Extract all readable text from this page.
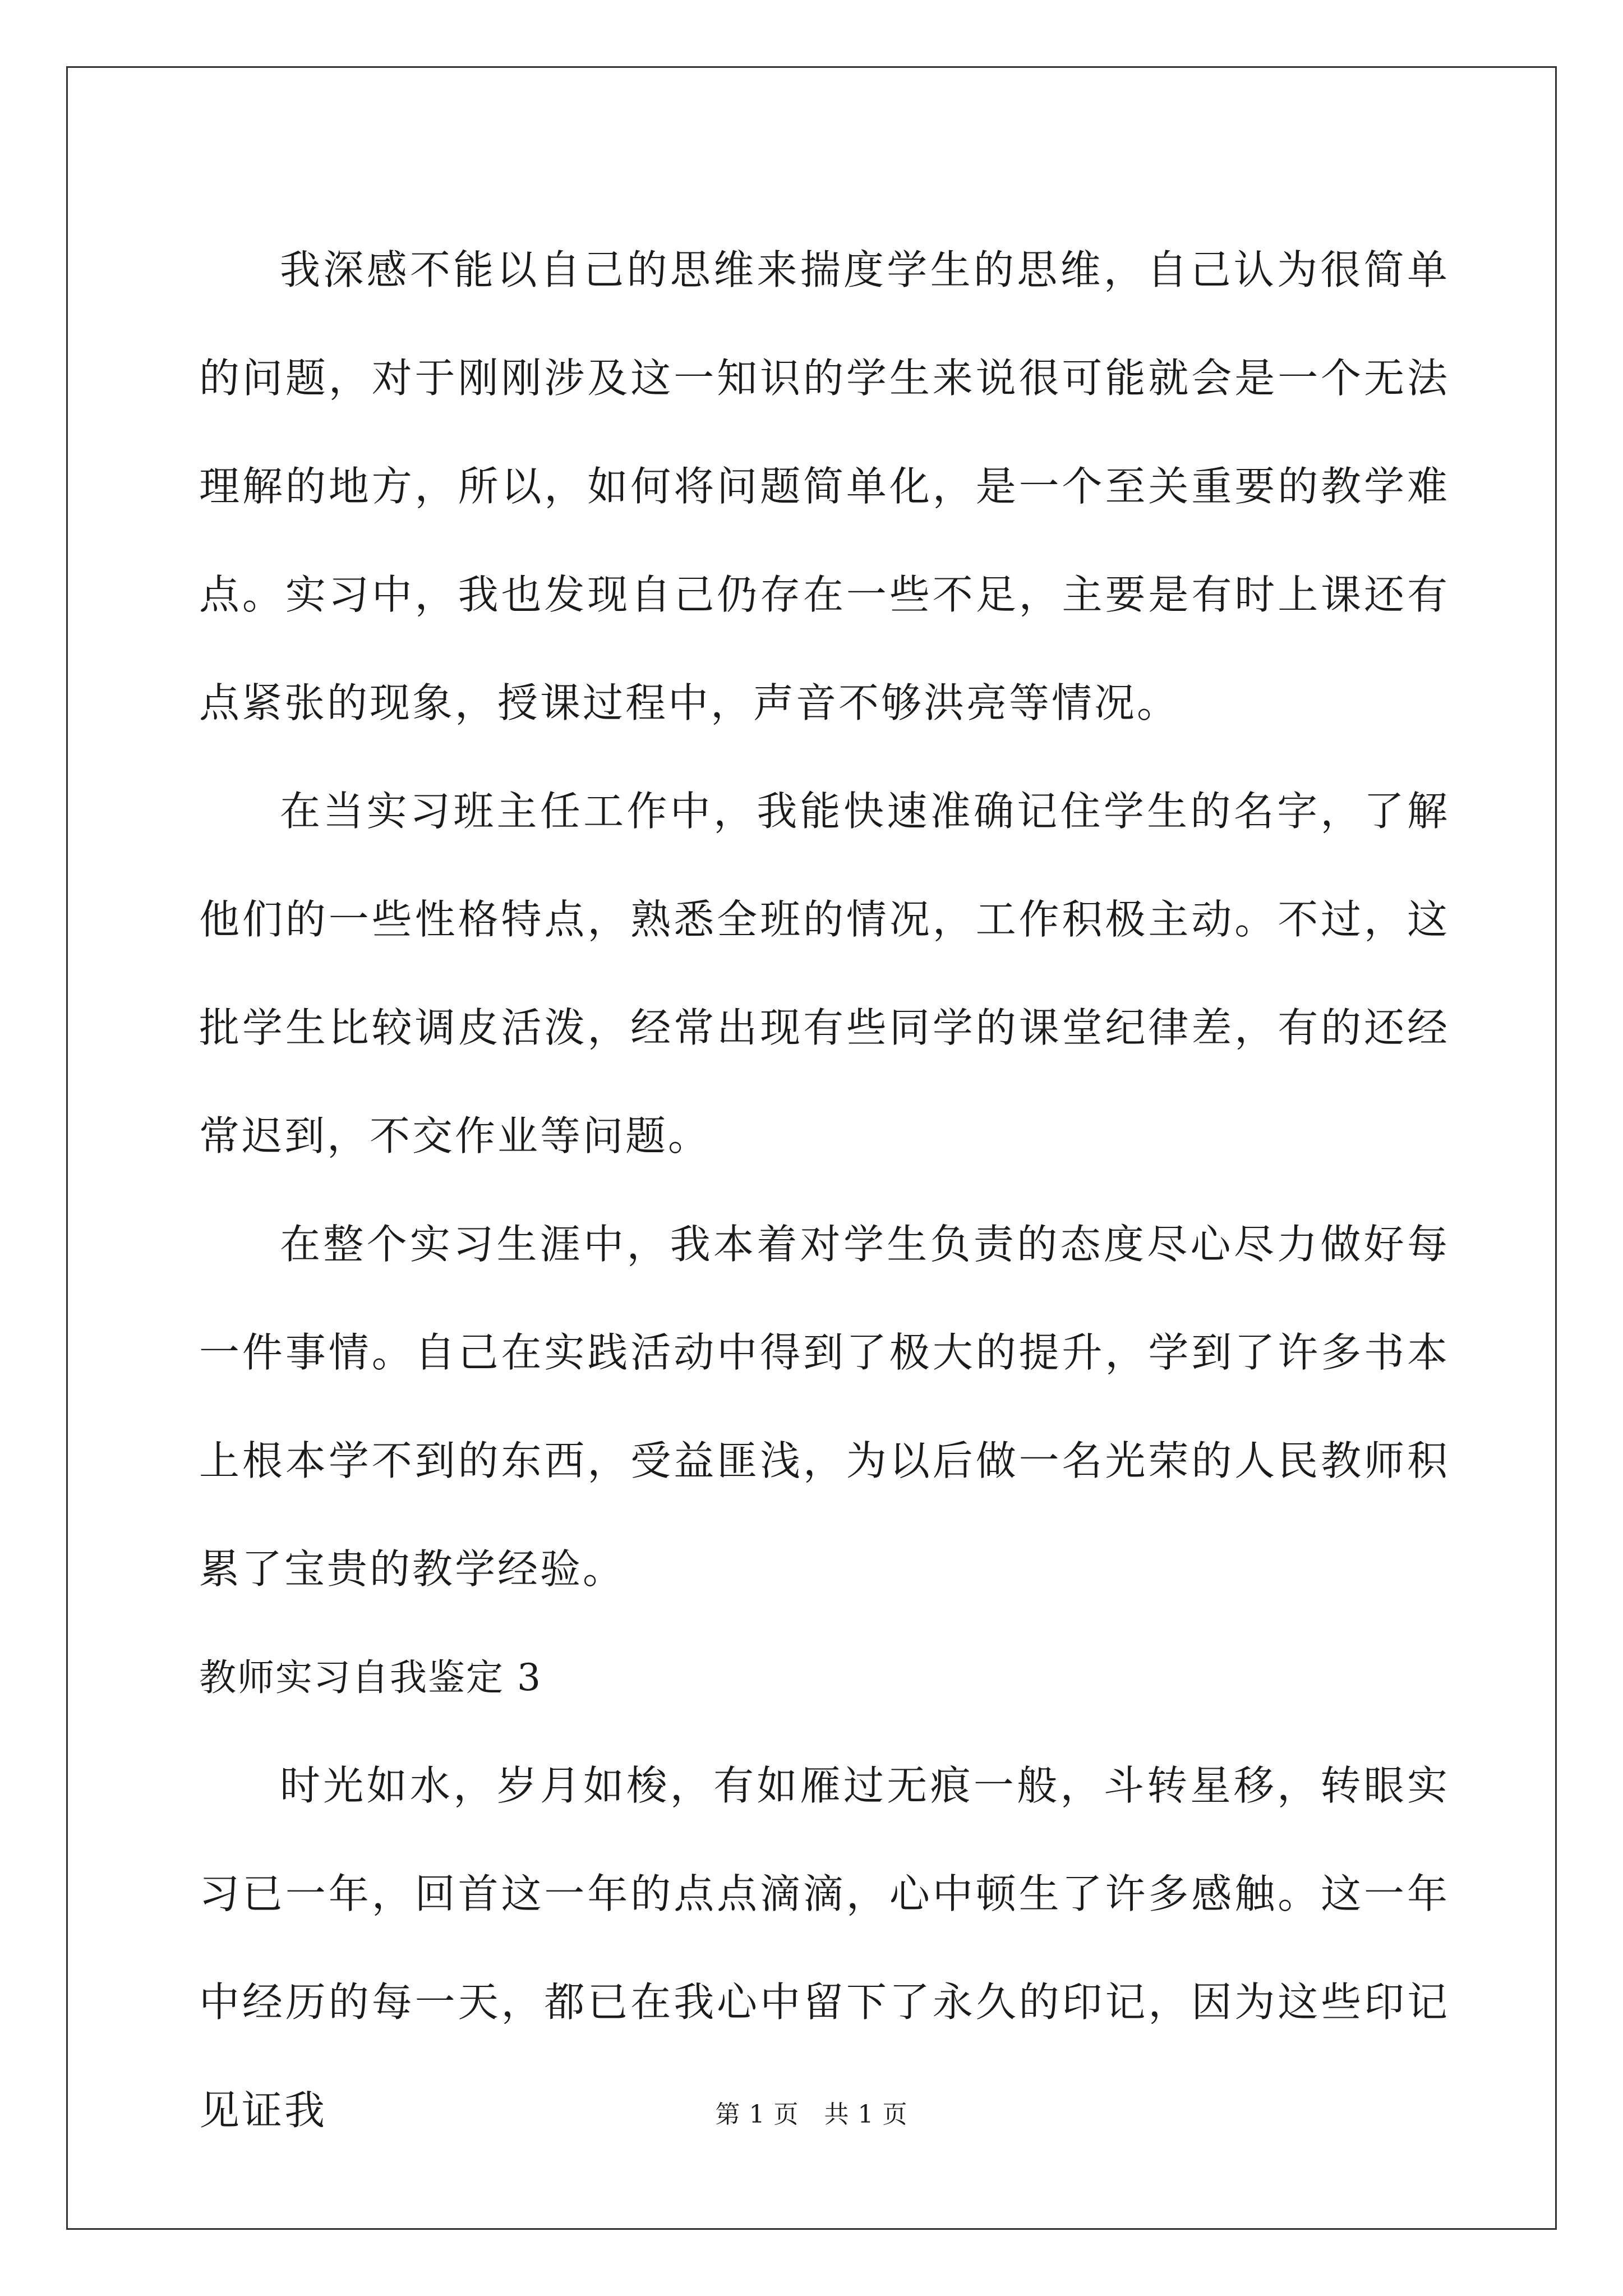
我深感不能以自己的思维来揣度学生的思维，自己认为很简单的问题，对于刚刚涉及这一知识的学生来说很可能就会是一个无法理解的地方，所以，如何将问题简单化，是一个至关重要的教学难点。实习中，我也发现自己仍存在一些不足，主要是有时上课还有点紧张的现象，授课过程中，声音不够洪亮等情况。

在当实习班主任工作中，我能快速准确记住学生的名字，了解他们的一些性格特点，熟悉全班的情况，工作积极主动。不过，这批学生比较调皮活泼，经常出现有些同学的课堂纪律差，有的还经常迟到，不交作业等问题。

在整个实习生涯中，我本着对学生负责的态度尽心尽力做好每一件事情。自己在实践活动中得到了极大的提升，学到了许多书本上根本学不到的东西，受益匪浅，为以后做一名光荣的人民教师积累了宝贵的教学经验。

教师实习自我鉴定 3

时光如水，岁月如梭，有如雁过无痕一般，斗转星移，转眼实习已一年，回首这一年的点点滴滴，心中顿生了许多感触。这一年中经历的每一天，都已在我心中留下了永久的印记，因为这些印记见证我	第 1 页 共 1 页
